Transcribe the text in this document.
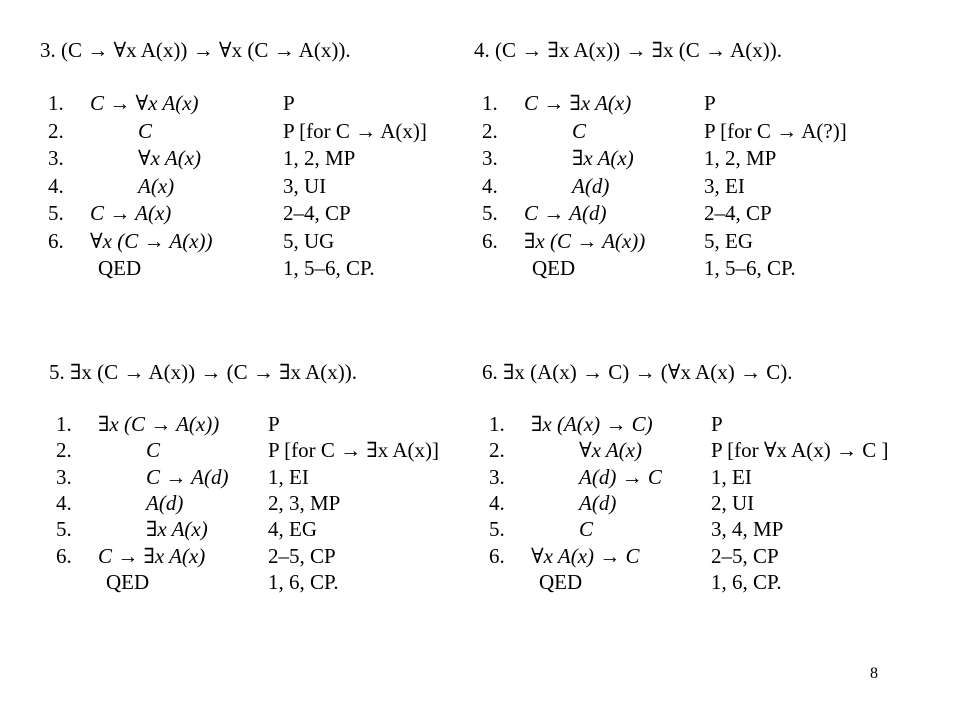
3. (C → ∀x A(x)) → ∀x (C → A(x)).
1. C → ∀x A(x)	P
2.	C	P [for C → A(x)]
3.	∀x A(x)	1, 2, MP
4.	A(x)	3, UI
5. C → A(x)	2–4, CP
6. ∀x (C → A(x))	5, UG
QED	1, 5–6, CP.
4. (C → ∃x A(x)) → ∃x (C → A(x)).
1. C → ∃x A(x)	P
2.	C	P [for C → A(?)]
3.	∃x A(x)	1, 2, MP
4.	A(d)	3, EI
5. C → A(d)	2–4, CP
6. ∃x (C → A(x))	5, EG
QED	1, 5–6, CP.
5. ∃x (C → A(x)) → (C → ∃x A(x)).
1. ∃x (C → A(x)) P
2.	C	P [for C → ∃x A(x)]
3.	C → A(d) 1, EI
4.	A(d)	2, 3, MP
5.	∃x A(x)	4, EG
6. C → ∃x A(x)	2–5, CP
QED	1, 6, CP.
6. ∃x (A(x) → C) → (∀x A(x) → C).
1. ∃x (A(x) → C)	P
2.	∀x A(x)	P [for ∀x A(x) → C ]
3.	A(d) → C 1, EI
4.	A(d)	2, UI
5.	C	3, 4, MP
6. ∀x A(x) → C	2–5, CP
QED	1, 6, CP.
8
